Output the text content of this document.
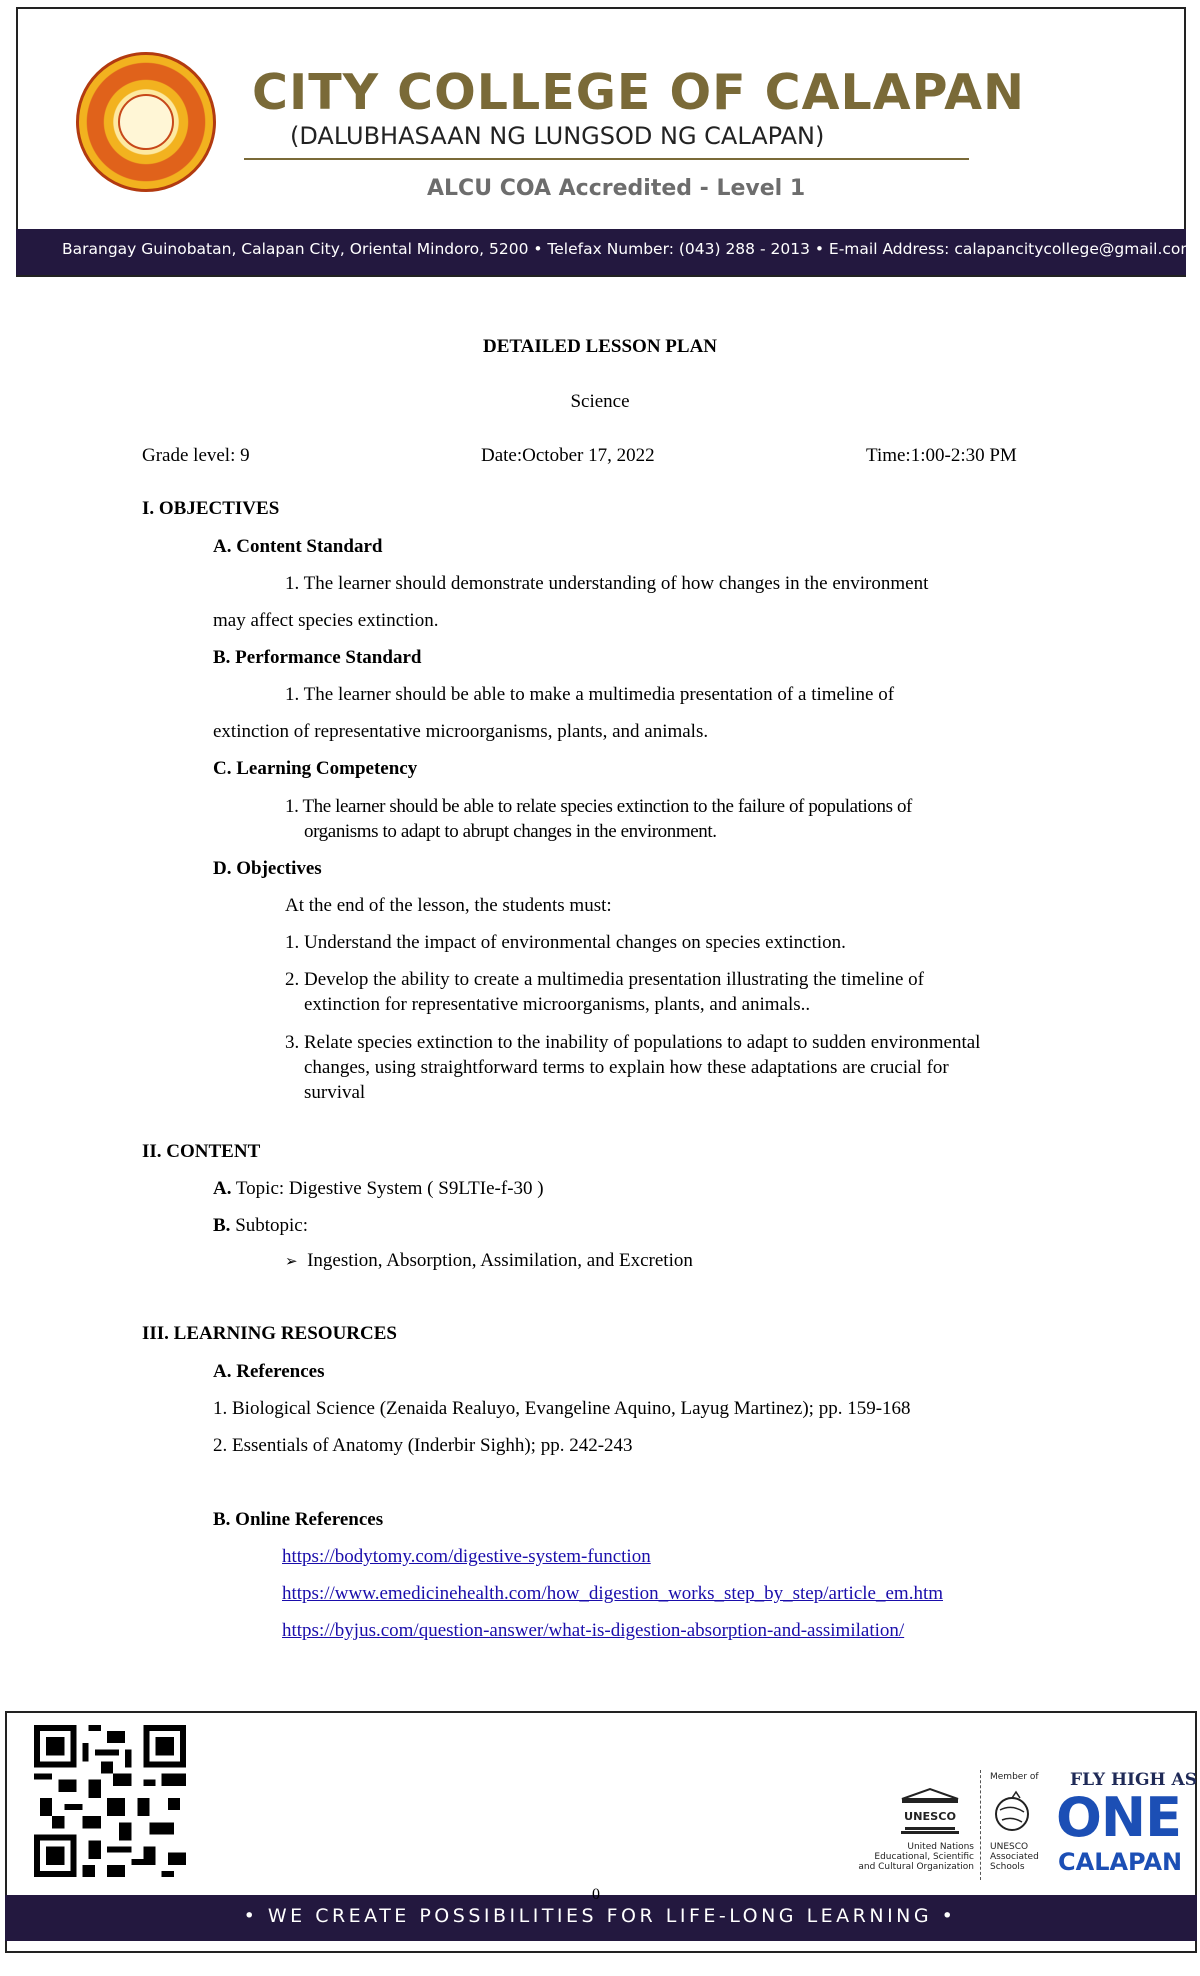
CITY COLLEGE OF CALAPAN
(DALUBHASAAN NG LUNGSOD NG CALAPAN)
ALCU COA Accredited - Level 1
Barangay Guinobatan, Calapan City, Oriental Mindoro, 5200 • Telefax Number: (043) 288 - 2013 • E-mail Address: calapancitycollege@gmail.com
DETAILED LESSON PLAN
Science
Grade level: 9	Date:October 17, 2022	Time:1:00-2:30 PM
I. OBJECTIVES
A. Content Standard
1. The learner should demonstrate understanding of how changes in the environment
may affect species extinction.
B. Performance Standard
1. The learner should be able to make a multimedia presentation of a timeline of
extinction of representative microorganisms, plants, and animals.
C. Learning Competency
1. The learner should be able to relate species extinction to the failure of populations of
organisms to adapt to abrupt changes in the environment.
D. Objectives
At the end of the lesson, the students must:
1. Understand the impact of environmental changes on species extinction.
2. Develop the ability to create a multimedia presentation illustrating the timeline of
extinction for representative microorganisms, plants, and animals..
3. Relate species extinction to the inability of populations to adapt to sudden environmental
changes, using straightforward terms to explain how these adaptations are crucial for
survival
II. CONTENT
A. Topic: Digestive System ( S9LTIe-f-30 )
B. Subtopic:
➢ Ingestion, Absorption, Assimilation, and Excretion
III. LEARNING RESOURCES
A. References
1. Biological Science (Zenaida Realuyo, Evangeline Aquino, Layug Martinez); pp. 159-168
2. Essentials of Anatomy (Inderbir Sighh); pp. 242-243
B. Online References
https://bodytomy.com/digestive-system-function
https://www.emedicinehealth.com/how_digestion_works_step_by_step/article_em.htm
https://byjus.com/question-answer/what-is-digestion-absorption-and-assimilation/
UNESCO
United Nations Educational, Scientific and Cultural Organization
Member of
UNESCO Associated Schools
FLY HIGH AS
ONE
CALAPAN
• WE CREATE POSSIBILITIES FOR LIFE-LONG LEARNING •
0
